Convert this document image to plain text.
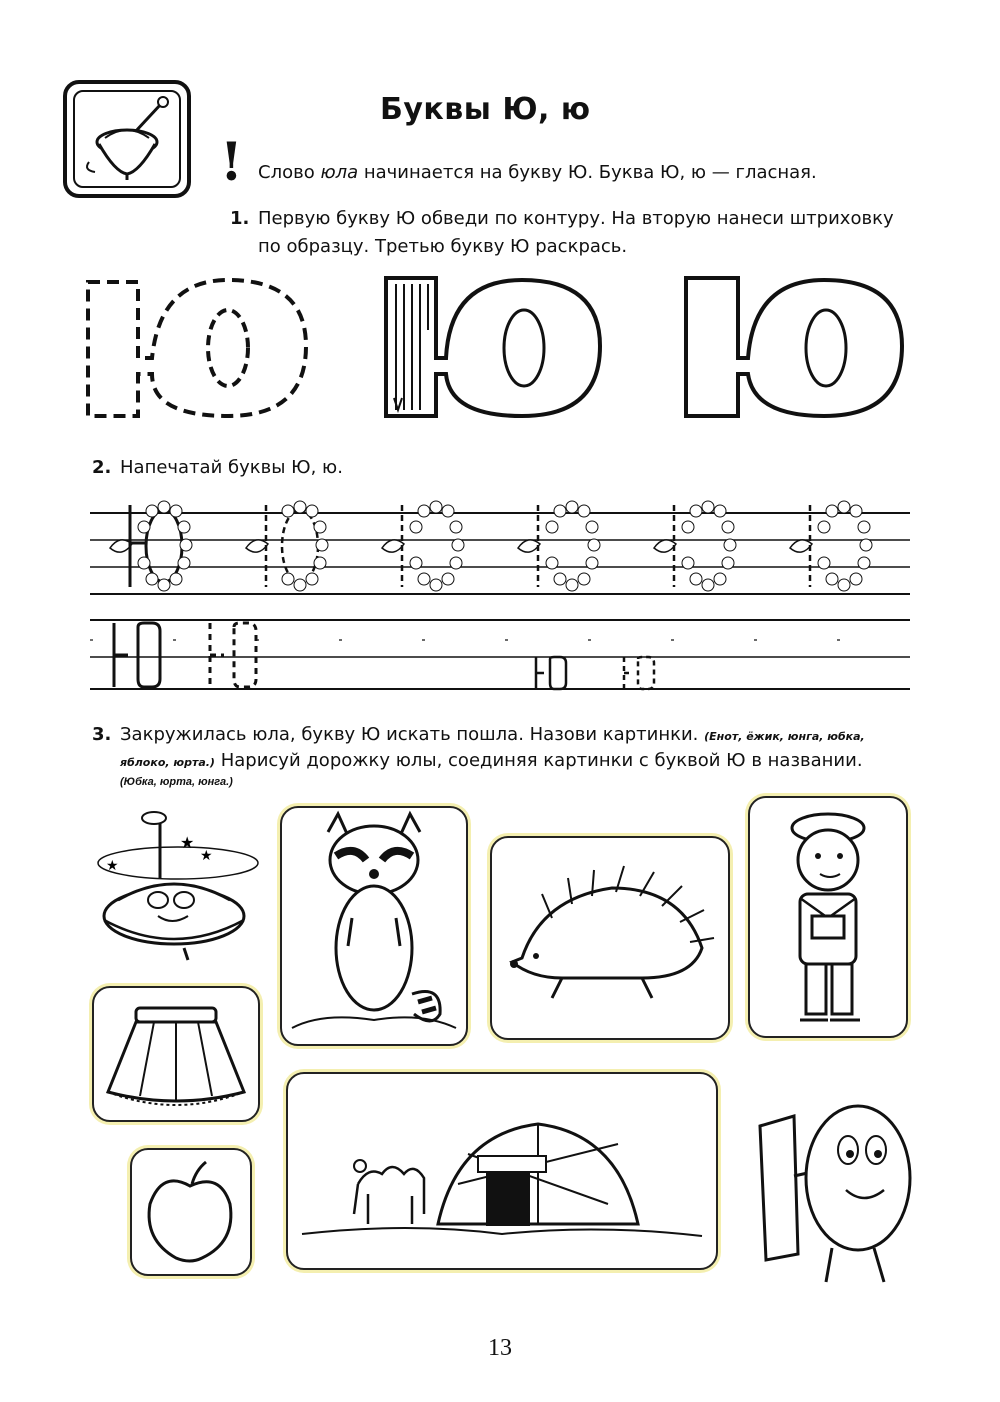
Буквы Ю, ю
! Слово юла начинается на букву Ю. Буква Ю, ю — гласная.
1. Первую букву Ю обведи по контуру. На вторую нанеси штриховку
по образцу. Третью букву Ю раскрась.
2. Напечатай буквы Ю, ю.
3. Закружилась юла, букву Ю искать пошла. Назови картинки. (Енот, ёжик, юнга, юбка,
яблоко, юрта.) Нарисуй дорожку юлы, соединяя картинки с буквой Ю в названии.
(Юбка, юрта, юнга.)
★
★
★
13
